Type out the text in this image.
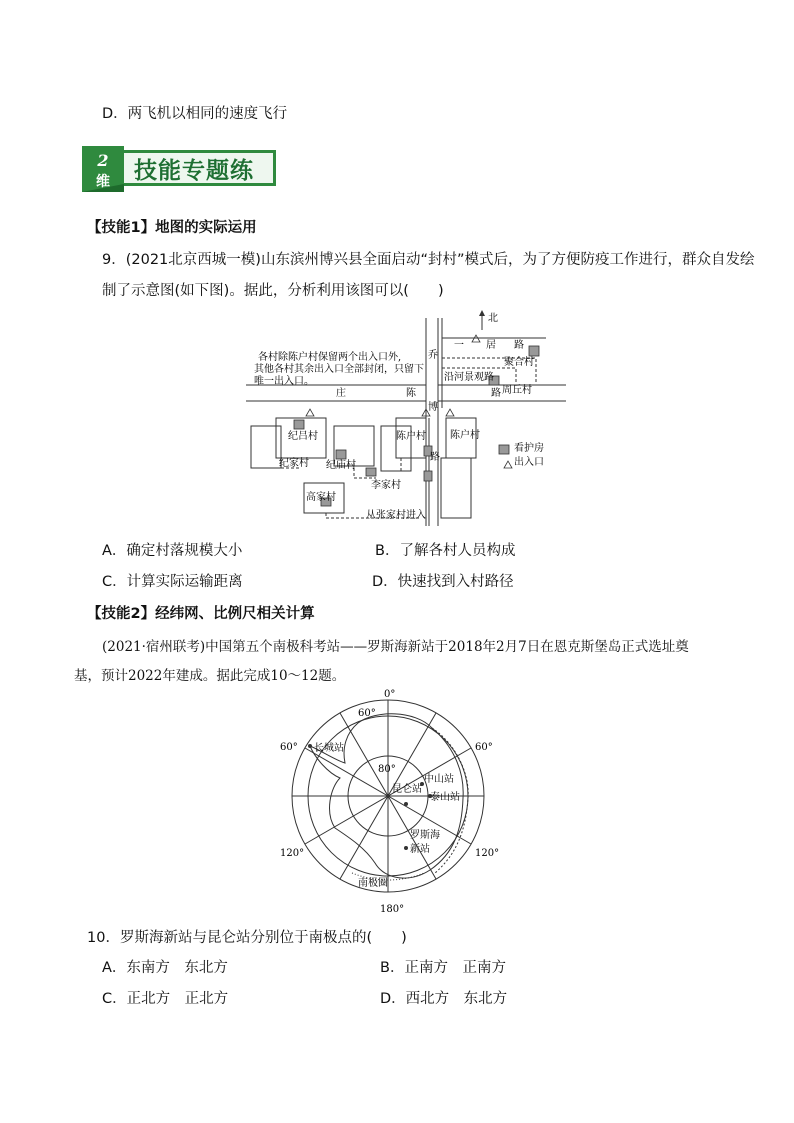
D．两飞机以相同的速度飞行
2
维 技能专题练
【技能1】地图的实际运用
9．(2021北京西城一模)山东滨州博兴县全面启动“封村”模式后，为了方便防疫工作进行，群众自发绘
制了示意图(如下图)。据此，分析利用该图可以(　　)
北
各村除陈户村保留两个出入口外,
其他各村其余出入口全部封闭，只留下
唯一出入口。
一 居 路
乔
博
庄	陈	路
路
沿河景观路
聚合村
周丘村
纪吕村
纪家村 纪庙村
李家村
高家村
陈户村 陈户村
看护房
出入口
从张家村进入
A．确定村落规模大小	B．了解各村人员构成
C．计算实际运输距离	D．快速找到入村路径
【技能2】经纬网、比例尺相关计算
(2021·宿州联考)中国第五个南极科考站——罗斯海新站于2018年2月7日在恩克斯堡岛正式选址奠
基，预计2022年建成。据此完成10～12题。
0°
60°
60°	60°
120°	120°
180°
80°
长城站
昆仑站
中山站
泰山站
罗斯海
新站
南极圈
10．罗斯海新站与昆仑站分别位于南极点的(　　)
A．东南方　东北方	B．正南方　正南方
C．正北方　正北方	D．西北方　东北方
